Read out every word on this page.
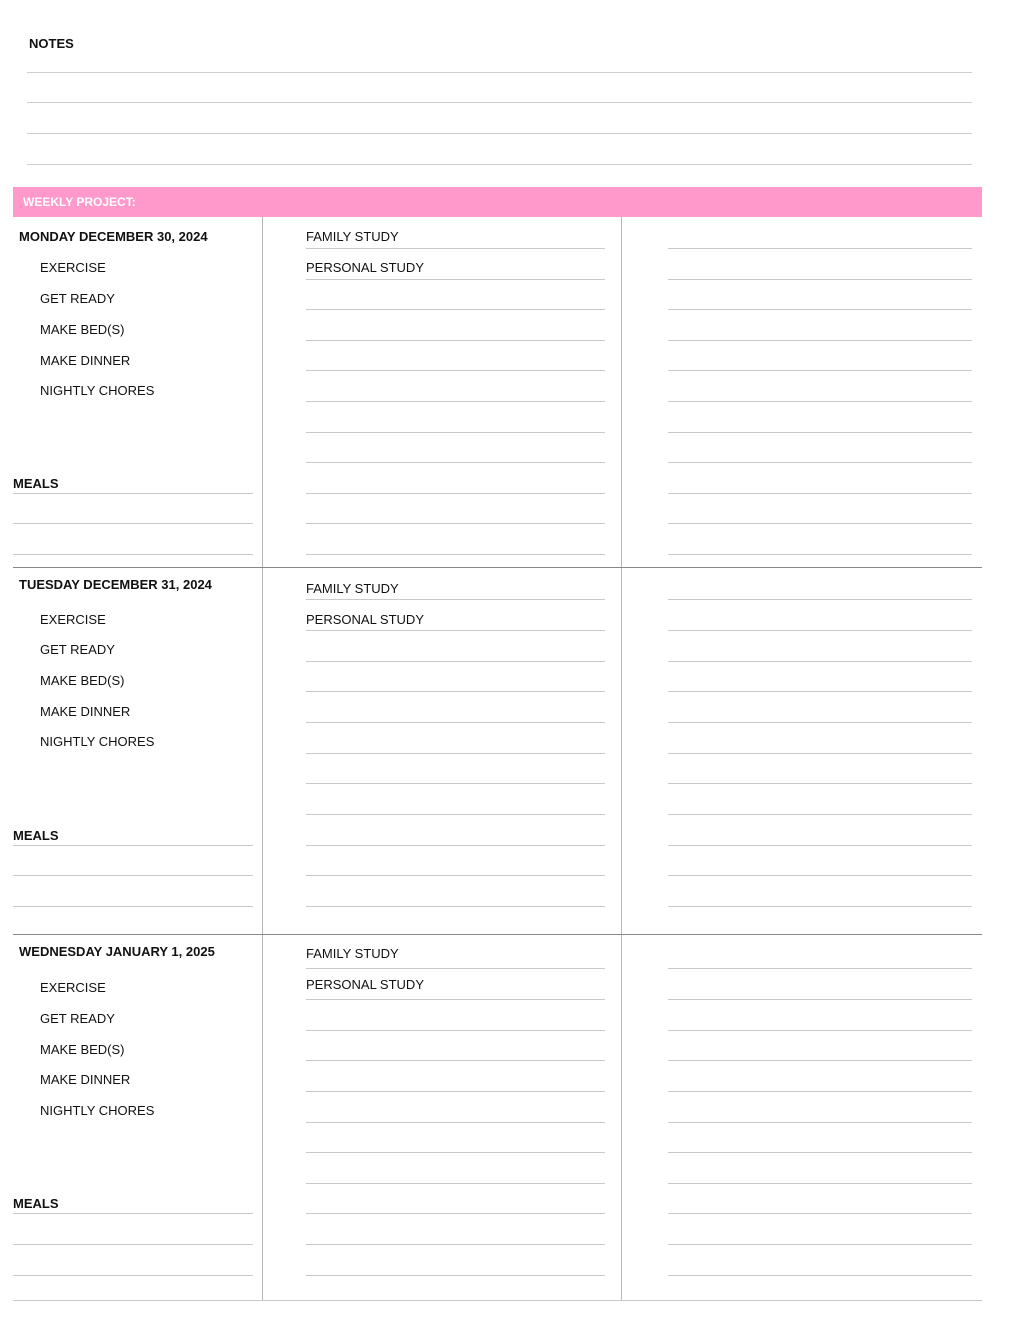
NOTES
WEEKLY PROJECT:
MONDAY DECEMBER 30, 2024
EXERCISE
GET READY
MAKE BED(S)
MAKE DINNER
NIGHTLY CHORES
MEALS
FAMILY STUDY
PERSONAL STUDY
TUESDAY DECEMBER 31, 2024
EXERCISE
GET READY
MAKE BED(S)
MAKE DINNER
NIGHTLY CHORES
MEALS
FAMILY STUDY
PERSONAL STUDY
WEDNESDAY JANUARY 1, 2025
EXERCISE
GET READY
MAKE BED(S)
MAKE DINNER
NIGHTLY CHORES
MEALS
FAMILY STUDY
PERSONAL STUDY
